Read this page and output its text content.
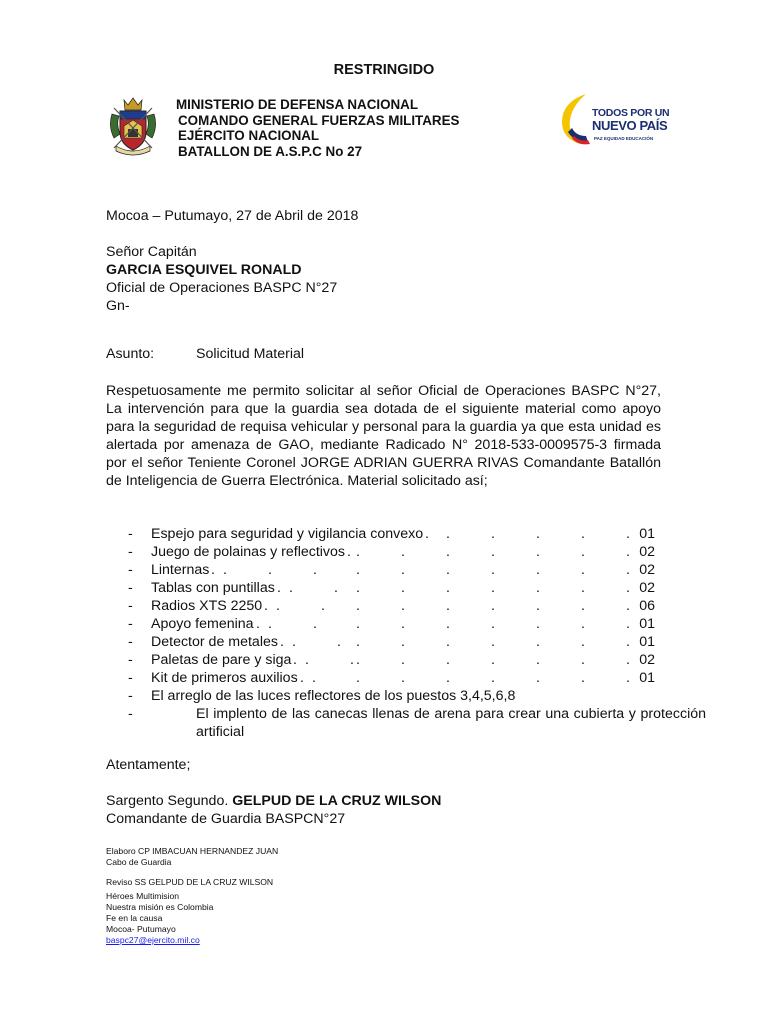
RESTRINGIDO
MINISTERIO DE DEFENSA NACIONAL
COMANDO GENERAL FUERZAS MILITARES
EJÉRCITO NACIONAL
BATALLON DE A.S.P.C No 27
TODOS POR UN
NUEVO PAÍS
PAZ EQUIDAD EDUCACIÓN
Mocoa – Putumayo, 27 de Abril de 2018
Señor Capitán
GARCIA ESQUIVEL RONALD
Oficial de Operaciones BASPC N°27
Gn-
Asunto:	Solicitud Material
Respetuosamente me permito solicitar al señor Oficial de Operaciones BASPC N°27, La intervención para que la guardia sea dotada de el siguiente material como apoyo para la seguridad de requisa vehicular y personal para la guardia ya que esta unidad es alertada por amenaza de GAO, mediante Radicado N° 2018-533-0009575-3 firmada por el señor Teniente Coronel JORGE ADRIAN GUERRA RIVAS Comandante Batallón de Inteligencia de Guerra Electrónica. Material solicitado así;
- Espejo para seguridad y vigilancia convexo . .	.	.	.	. 01
- Juego de polainas y reflectivos . .	.	.	.	.	.	. 02
- Linternas . .	.	.	.	.	.	.	.	.	. 02
- Tablas con puntillas . .	. .	.	.	.	.	.	. 02
- Radios XTS 2250 . .	. .	.	.	.	.	.	. 06
- Apoyo femenina . .	.	.	.	.	.	.	.	. 01
- Detector de metales . .	. .	.	.	.	.	.	. 01
- Paletas de pare y siga . .	. .	.	.	.	.	.	. 02
- Kit de primeros auxilios . .	.	.	.	.	.	.	. 01
- El arreglo de las luces reflectores de los puestos 3,4,5,6,8
-	El implento de las canecas llenas de arena para crear una cubierta y protección artificial
Atentamente;
Sargento Segundo. GELPUD DE LA CRUZ WILSON
Comandante de Guardia BASPCN°27
Elaboro CP IMBACUAN HERNANDEZ JUAN
Cabo de Guardia
Reviso SS GELPUD DE LA CRUZ WILSON
Héroes Multimision
Nuestra misión es Colombia
Fe en la causa
Mocoa- Putumayo
baspc27@ejercito.mil.co
